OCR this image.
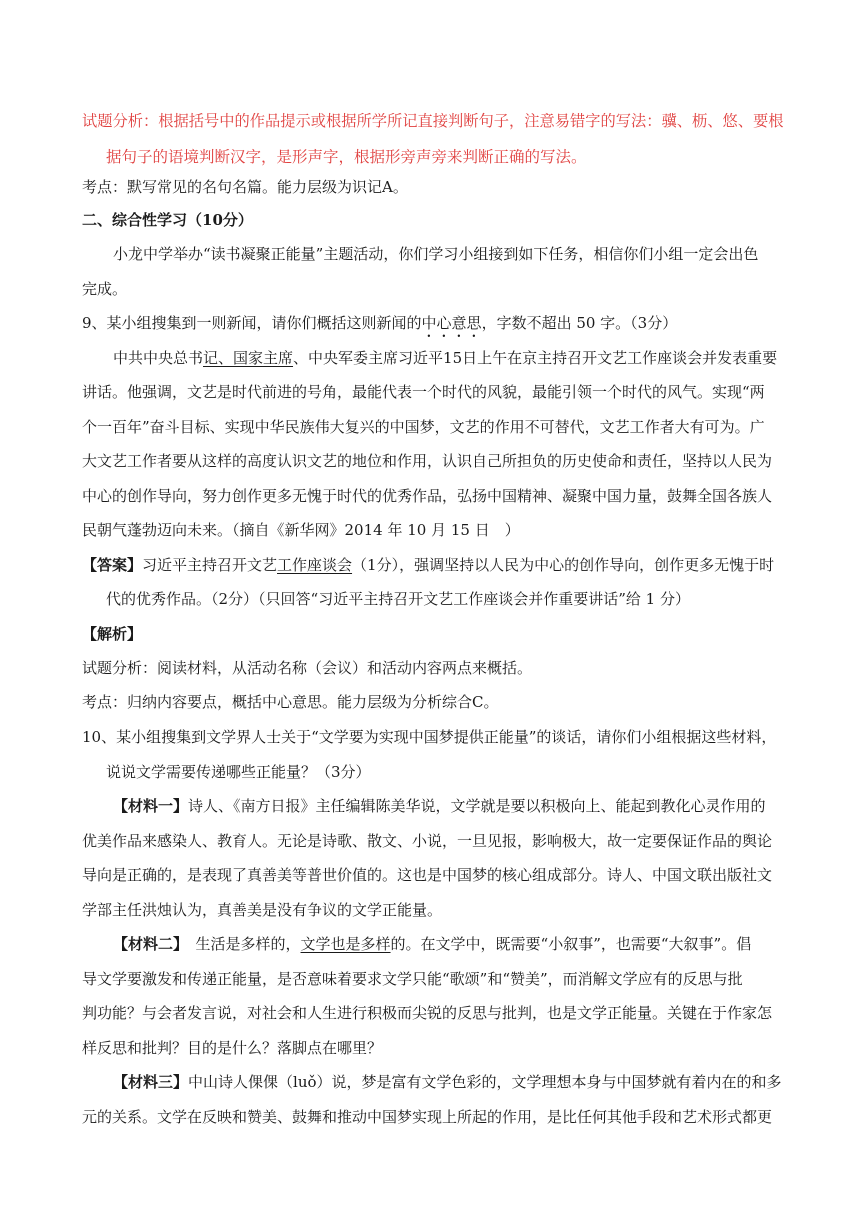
试题分析：根据括号中的作品提示或根据所学所记直接判断句子，注意易错字的写法：骥、枥、悠、要根
据句子的语境判断汉字，是形声字，根据形旁声旁来判断正确的写法。
考点：默写常见的名句名篇。能力层级为识记A。
二、综合性学习（10分）
小龙中学举办“读书凝聚正能量”主题活动，你们学习小组接到如下任务，相信你们小组一定会出色
完成。
9、某小组搜集到一则新闻，请你们概括这则新闻的中心意思，字数不超出 50 字。（3分）
中共中央总书记、国家主席、中央军委主席习近平15日上午在京主持召开文艺工作座谈会并发表重要
讲话。他强调，文艺是时代前进的号角，最能代表一个时代的风貌，最能引领一个时代的风气。实现“两
个一百年”奋斗目标、实现中华民族伟大复兴的中国梦，文艺的作用不可替代，文艺工作者大有可为。广
大文艺工作者要从这样的高度认识文艺的地位和作用，认识自己所担负的历史使命和责任，坚持以人民为
中心的创作导向，努力创作更多无愧于时代的优秀作品，弘扬中国精神、凝聚中国力量，鼓舞全国各族人
民朝气蓬勃迈向未来。（摘自《新华网》2014 年 10 月 15 日　）
【答案】习近平主持召开文艺工作座谈会（1分），强调坚持以人民为中心的创作导向，创作更多无愧于时
代的优秀作品。（2分）（只回答“习近平主持召开文艺工作座谈会并作重要讲话”给 1 分）
【解析】
试题分析：阅读材料，从活动名称（会议）和活动内容两点来概括。
考点：归纳内容要点，概括中心意思。能力层级为分析综合C。
10、某小组搜集到文学界人士关于“文学要为实现中国梦提供正能量”的谈话，请你们小组根据这些材料，
说说文学需要传递哪些正能量？（3分）
【材料一】诗人、《南方日报》主任编辑陈美华说，文学就是要以积极向上、能起到教化心灵作用的
优美作品来感染人、教育人。无论是诗歌、散文、小说，一旦见报，影响极大，故一定要保证作品的舆论
导向是正确的，是表现了真善美等普世价值的。这也是中国梦的核心组成部分。诗人、中国文联出版社文
学部主任洪烛认为，真善美是没有争议的文学正能量。
【材料二】　生活是多样的，文学也是多样的。在文学中，既需要“小叙事”，也需要“大叙事”。倡
导文学要激发和传递正能量，是否意味着要求文学只能“歌颂”和“赞美”，而消解文学应有的反思与批
判功能？与会者发言说，对社会和人生进行积极而尖锐的反思与批判，也是文学正能量。关键在于作家怎
样反思和批判？目的是什么？落脚点在哪里？
【材料三】中山诗人倮倮（luǒ）说，梦是富有文学色彩的，文学理想本身与中国梦就有着内在的和多
元的关系。文学在反映和赞美、鼓舞和推动中国梦实现上所起的作用，是比任何其他手段和艺术形式都更
